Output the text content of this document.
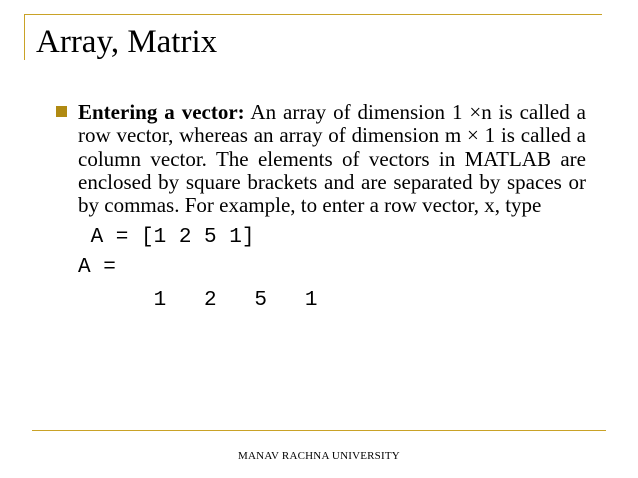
Array, Matrix
Entering a vector: An array of dimension 1 ×n is called a row vector, whereas an array of dimension m × 1 is called a column vector. The elements of vectors in MATLAB are enclosed by square brackets and are separated by spaces or by commas. For example, to enter a row vector, x, type
A = [1 2 5 1]
A =
1   2   5   1
MANAV RACHNA UNIVERSITY
